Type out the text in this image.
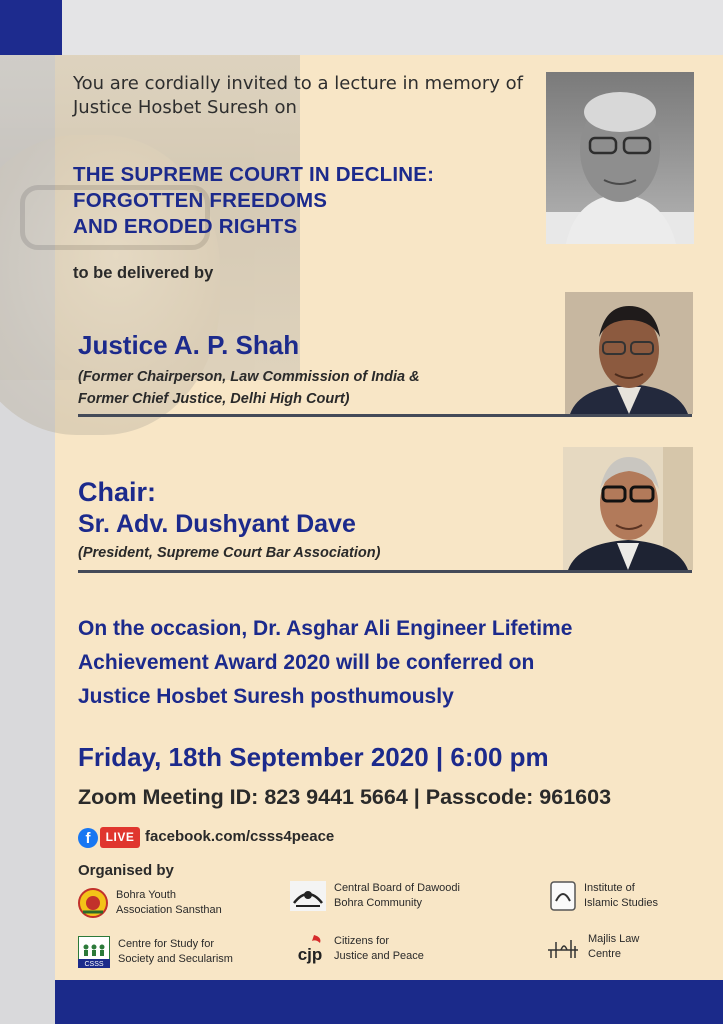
You are cordially invited to a lecture in memory of Justice Hosbet Suresh on

THE SUPREME COURT IN DECLINE:
FORGOTTEN FREEDOMS
AND ERODED RIGHTS

to be delivered by

Justice A. P. Shah

(Former Chairperson, Law Commission of India &
Former Chief Justice, Delhi High Court)

Chair:

Sr. Adv. Dushyant Dave

(President, Supreme Court Bar Association)

On the occasion, Dr. Asghar Ali Engineer Lifetime
Achievement Award 2020 will be conferred on
Justice Hosbet Suresh posthumously

Friday, 18th September 2020 | 6:00 pm

Zoom Meeting ID: 823 9441 5664 | Passcode: 961603

f	LIVE facebook.com/csss4peace

Organised by

Bohra Youth
Association Sansthan
Central Board of Dawoodi
Bohra Community
Institute of
Islamic Studies
CSSS
Centre for Study for
Society and Secularism	cjp
Citizens for
Justice and Peace
Majlis Law
Centre
